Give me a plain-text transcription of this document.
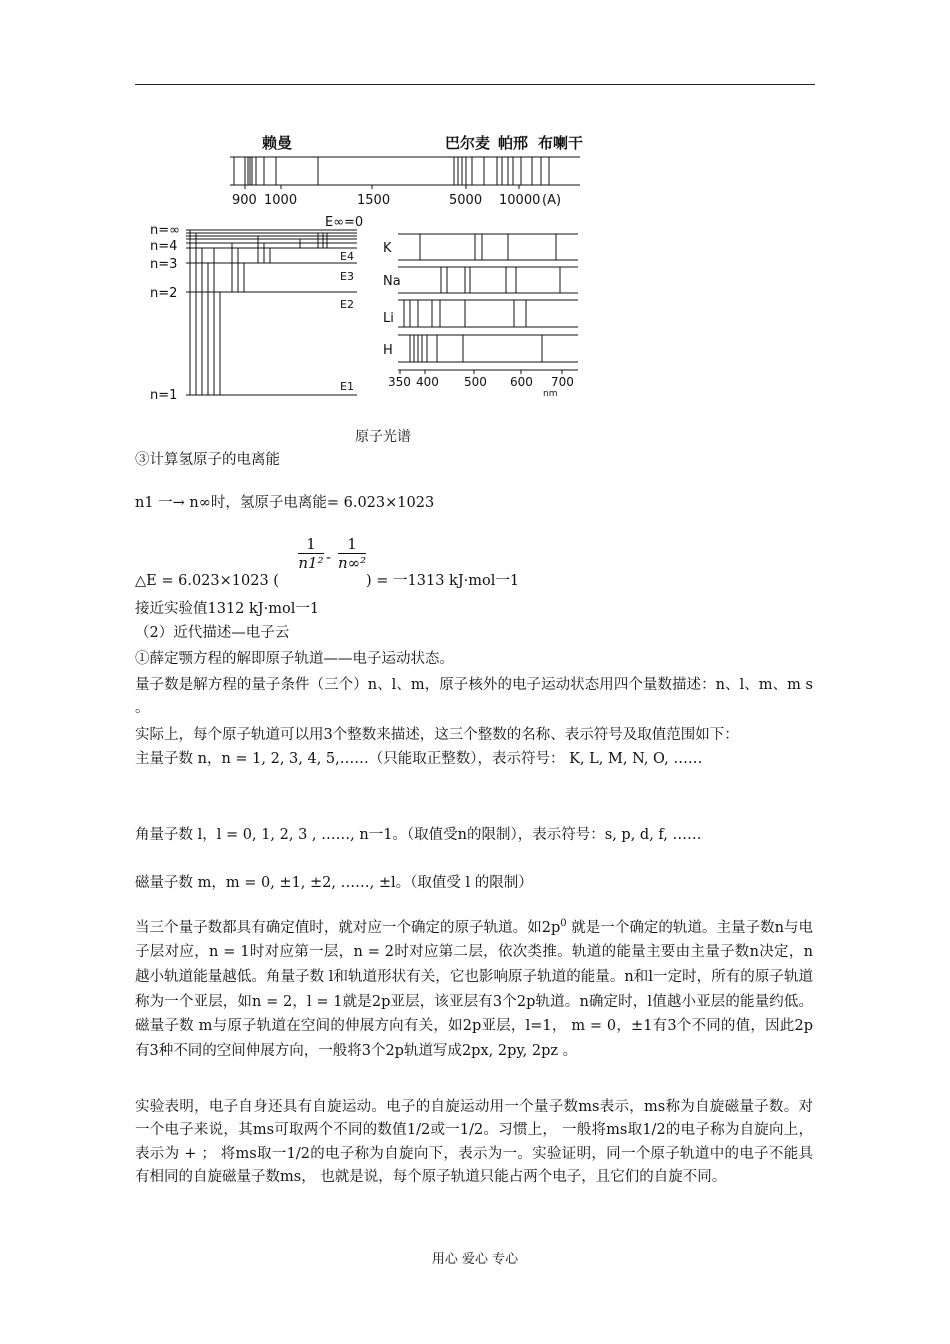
赖曼	巴尔麦 帕邢 布喇干
900 1000	1500	5000 10000 (A)
n=∞
n=4
n=3
n=2
n=1
E∞=0
E4
E3
E2
E1
K
Na
Li
H
350 400 500 600 700
nm
原子光谱
③计算氢原子的电离能
n1 一→ n∞时，氢原子电离能= 6.023×1023
1
n1² -
1
n∞²
△E = 6.023×1023 (	) = 一1313 kJ·mol一1
接近实验值1312 kJ·mol一1
（2）近代描述—电子云
①薛定颚方程的解即原子轨道——电子运动状态。
量子数是解方程的量子条件（三个）n、l、m，原子核外的电子运动状态用四个量数描述：n、l、m、m s 。
实际上，每个原子轨道可以用3个整数来描述，这三个整数的名称、表示符号及取值范围如下：
主量子数 n，n = 1, 2, 3, 4, 5,……（只能取正整数），表示符号： K, L, M, N, O, ……
角量子数 l，l = 0, 1, 2, 3 , ……, n一1。（取值受n的限制），表示符号：s, p, d, f, ……
磁量子数 m，m = 0, ±1, ±2, ……, ±l。（取值受 l 的限制）
当三个量子数都具有确定值时，就对应一个确定的原子轨道。如$2p^0$ 就是一个确定的轨道。主量子数n与电子层对应，n = 1时对应第一层，n = 2时对应第二层，依次类推。轨道的能量主要由主量子数n决定，n越小轨道能量越低。角量子数 l和轨道形状有关，它也影响原子轨道的能量。n和l一定时，所有的原子轨道称为一个亚层，如n = 2，l = 1就是2p亚层，该亚层有3个2p轨道。n确定时，l值越小亚层的能量约低。磁量子数 m与原子轨道在空间的伸展方向有关，如2p亚层，l=1， m = 0，±1有3个不同的值，因此2p有3种不同的空间伸展方向，一般将3个2p轨道写成2px, 2py, 2pz 。
实验表明，电子自身还具有自旋运动。电子的自旋运动用一个量子数ms表示，ms称为自旋磁量子数。对一个电子来说，其ms可取两个不同的数值1/2或一1/2。习惯上， 一般将ms取1/2的电子称为自旋向上，表示为 + ； 将ms取一1/2的电子称为自旋向下，表示为一。实验证明，同一个原子轨道中的电子不能具有相同的自旋磁量子数ms， 也就是说，每个原子轨道只能占两个电子，且它们的自旋不同。
用心 爱心 专心
